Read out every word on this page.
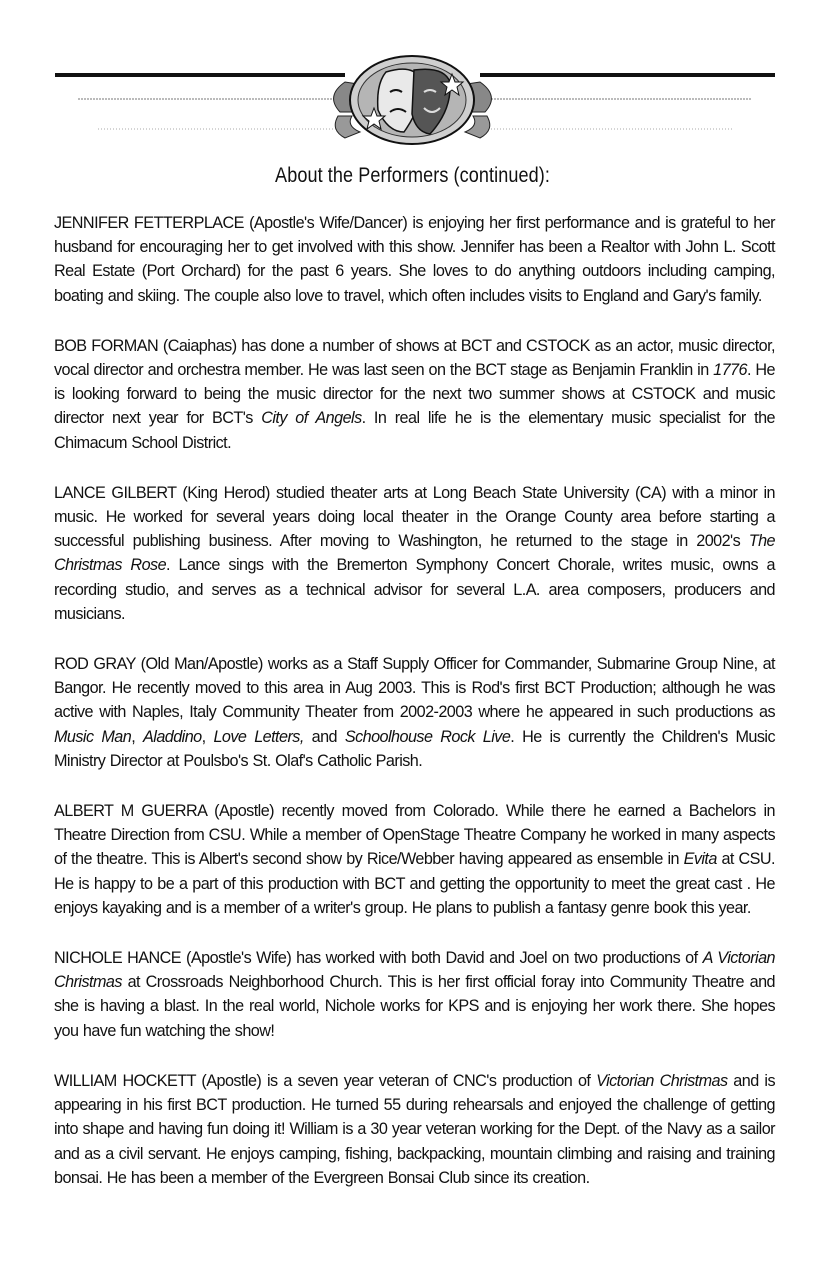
About the Performers (continued):

JENNIFER FETTERPLACE (Apostle's Wife/Dancer) is enjoying her first performance and is grateful to her husband for encouraging her to get involved with this show. Jennifer has been a Realtor with John L. Scott Real Estate (Port Orchard) for the past 6 years. She loves to do anything outdoors including camping, boating and skiing. The couple also love to travel, which often includes visits to England and Gary's family.

BOB FORMAN (Caiaphas) has done a number of shows at BCT and CSTOCK as an actor, music director, vocal director and orchestra member. He was last seen on the BCT stage as Benjamin Franklin in 1776. He is looking forward to being the music director for the next two summer shows at CSTOCK and music director next year for BCT's City of Angels. In real life he is the elementary music specialist for the Chimacum School District.

LANCE GILBERT (King Herod) studied theater arts at Long Beach State University (CA) with a minor in music. He worked for several years doing local theater in the Orange County area before starting a successful publishing business. After moving to Washington, he returned to the stage in 2002's The Christmas Rose. Lance sings with the Bremerton Symphony Concert Chorale, writes music, owns a recording studio, and serves as a technical advisor for several L.A. area composers, producers and musicians.

ROD GRAY (Old Man/Apostle) works as a Staff Supply Officer for Commander, Submarine Group Nine, at Bangor. He recently moved to this area in Aug 2003. This is Rod's first BCT Production; although he was active with Naples, Italy Community Theater from 2002-2003 where he appeared in such productions as Music Man, Aladdino, Love Letters, and Schoolhouse Rock Live. He is currently the Children's Music Ministry Director at Poulsbo's St. Olaf's Catholic Parish.

ALBERT M GUERRA (Apostle) recently moved from Colorado. While there he earned a Bachelors in Theatre Direction from CSU. While a member of OpenStage Theatre Company he worked in many aspects of the theatre. This is Albert's second show by Rice/Webber having appeared as ensemble in Evita at CSU. He is happy to be a part of this production with BCT and getting the opportunity to meet the great cast . He enjoys kayaking and is a member of a writer's group. He plans to publish a fantasy genre book this year.

NICHOLE HANCE (Apostle's Wife) has worked with both David and Joel on two productions of A Victorian Christmas at Crossroads Neighborhood Church. This is her first official foray into Community Theatre and she is having a blast. In the real world, Nichole works for KPS and is enjoying her work there. She hopes you have fun watching the show!

WILLIAM HOCKETT (Apostle) is a seven year veteran of CNC's production of Victorian Christmas and is appearing in his first BCT production. He turned 55 during rehearsals and enjoyed the challenge of getting into shape and having fun doing it! William is a 30 year veteran working for the Dept. of the Navy as a sailor and as a civil servant. He enjoys camping, fishing, backpacking, mountain climbing and raising and training bonsai. He has been a member of the Evergreen Bonsai Club since its creation.
